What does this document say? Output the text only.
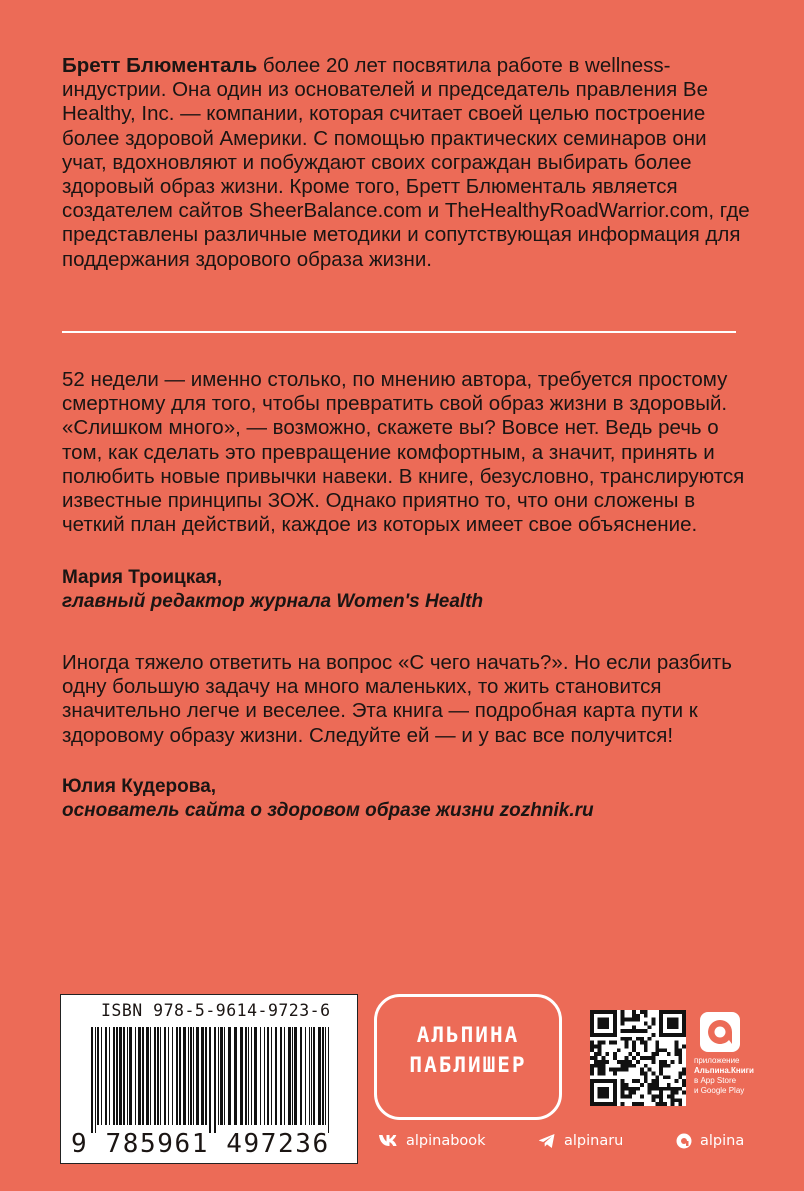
Бретт Блюменталь более 20 лет посвятила работе в wellness-индустрии. Она один из основателей и председатель правления Be Healthy, Inc. — компании, которая считает своей целью построение более здоровой Америки. С помощью практических семинаров они учат, вдохновляют и побуждают своих сограждан выбирать более здоровый образ жизни. Кроме того, Бретт Блюменталь является создателем сайтов SheerBalance.com и TheHealthyRoadWarrior.com, где представлены различные методики и сопутствующая информация для поддержания здорового образа жизни.

52 недели — именно столько, по мнению автора, требуется простому смертному для того, чтобы превратить свой образ жизни в здоровый. «Слишком много», — возможно, скажете вы? Вовсе нет. Ведь речь о том, как сделать это превращение комфортным, а значит, принять и полюбить новые привычки навеки. В книге, безусловно, транслируются известные принципы ЗОЖ. Однако приятно то, что они сложены в четкий план действий, каждое из которых имеет свое объяснение.

Мария Троицкая,
главный редактор журнала Women's Health

Иногда тяжело ответить на вопрос «С чего начать?». Но если разбить одну большую задачу на много маленьких, то жить становится значительно легче и веселее. Эта книга — подробная карта пути к здоровому образу жизни. Следуйте ей — и у вас все получится!

Юлия Кудерова,
основатель сайта о здоровом образе жизни zozhnik.ru
ISBN 978-5-9614-9723-6
9 785961 497236
АЛЬПИНА
ПАБЛИШЕР	приложение
Альпина.Книги
в App Store
и Google Play
alpinabook	alpinaru	alpina
